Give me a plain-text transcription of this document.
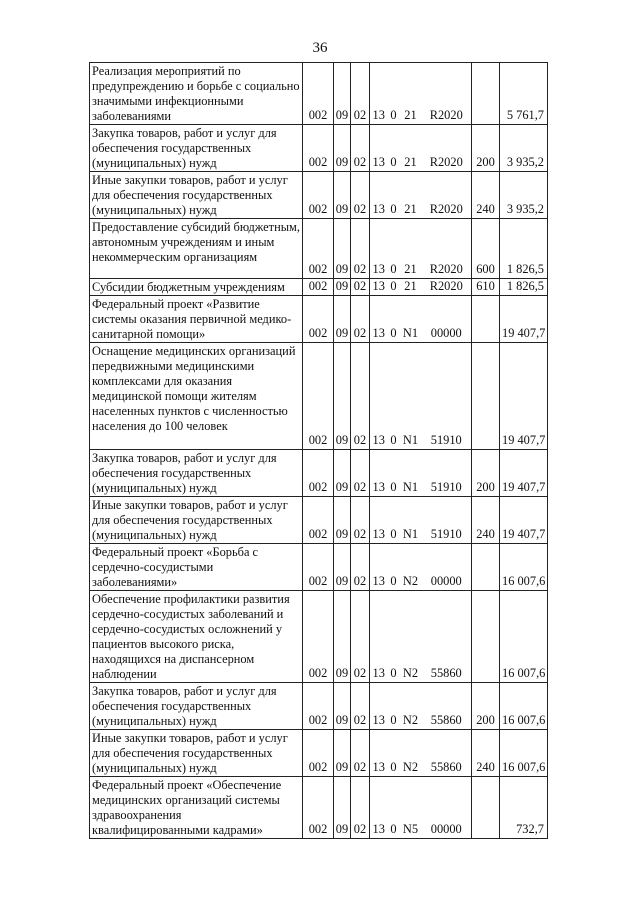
36
Реализация мероприятий по предупреждению и борьбе с социально значимыми инфекционными заболеваниями	002	09	02	13	0	21	R2020		5 761,7
Закупка товаров, работ и услуг для обеспечения государственных (муниципальных) нужд	002	09	02	13	0	21	R2020	200	3 935,2
Иные закупки товаров, работ и услуг для обеспечения государственных (муниципальных) нужд	002	09	02	13	0	21	R2020	240	3 935,2
Предоставление субсидий бюджетным, автономным учреждениям и иным некоммерческим организациям	002	09	02	13	0	21	R2020	600	1 826,5
Субсидии бюджетным учреждениям	002	09	02	13	0	21	R2020	610	1 826,5
Федеральный проект «Развитие системы оказания первичной медико-санитарной помощи»	002	09	02	13	0	N1	00000		19 407,7
Оснащение медицинских организаций передвижными медицинскими комплексами для оказания медицинской помощи жителям населенных пунктов с численностью населения до 100 человек	002	09	02	13	0	N1	51910		19 407,7
Закупка товаров, работ и услуг для обеспечения государственных (муниципальных) нужд	002	09	02	13	0	N1	51910	200	19 407,7
Иные закупки товаров, работ и услуг для обеспечения государственных (муниципальных) нужд	002	09	02	13	0	N1	51910	240	19 407,7
Федеральный проект «Борьба с сердечно-сосудистыми заболеваниями»	002	09	02	13	0	N2	00000		16 007,6
Обеспечение профилактики развития сердечно-сосудистых заболеваний и сердечно-сосудистых осложнений у пациентов высокого риска, находящихся на диспансерном наблюдении	002	09	02	13	0	N2	55860		16 007,6
Закупка товаров, работ и услуг для обеспечения государственных (муниципальных) нужд	002	09	02	13	0	N2	55860	200	16 007,6
Иные закупки товаров, работ и услуг для обеспечения государственных (муниципальных) нужд	002	09	02	13	0	N2	55860	240	16 007,6
Федеральный проект «Обеспечение медицинских организаций системы здравоохранения квалифицированными кадрами»	002	09	02	13	0	N5	00000		732,7
